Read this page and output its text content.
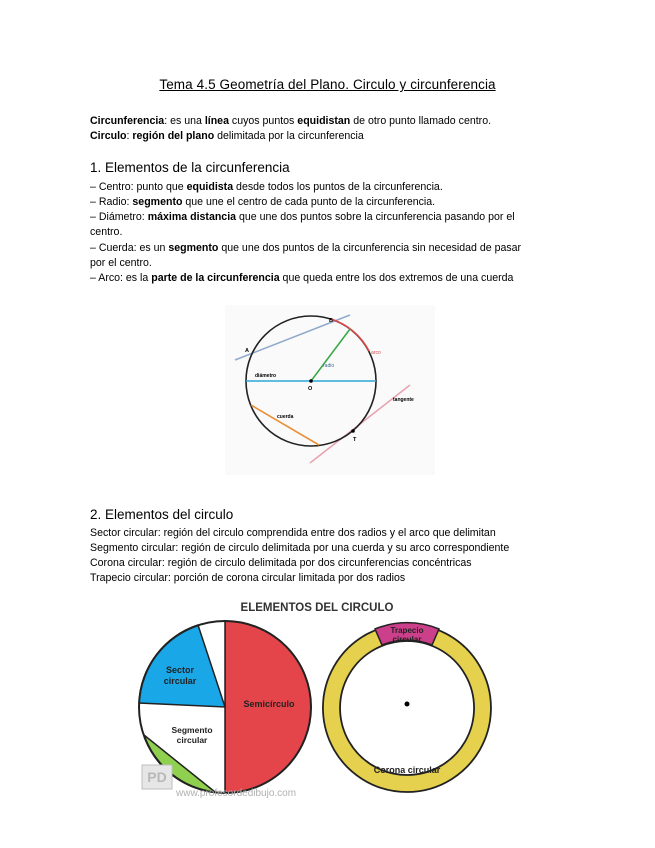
Tema 4.5 Geometría del Plano. Circulo y circunferencia
Circunferencia: es una línea cuyos puntos equidistan de otro punto llamado centro.
Circulo: región del plano delimitada por la circunferencia
1. Elementos de la circunferencia
– Centro: punto que equidista desde todos los puntos de la circunferencia.
– Radio: segmento que une el centro de cada punto de la circunferencia.
– Diámetro: máxima distancia que une dos puntos sobre la circunferencia pasando por el
centro.
– Cuerda: es un segmento que une dos puntos de la circunferencia sin necesidad de pasar
por el centro.
– Arco: es la parte de la circunferencia que queda entre los dos extremos de una cuerda
A
B
O
T
radio
arco
diámetro
cuerda
tangente
2. Elementos del circulo
Sector circular: región del circulo comprendida entre dos radios y el arco que delimitan
Segmento circular: región de circulo delimitada por una cuerda y su arco correspondiente
Corona circular: región de circulo delimitada por dos circunferencias concéntricas
Trapecio circular: porción de corona circular limitada por dos radios
ELEMENTOS DEL CIRCULO
Sector
circular
Segmento
circular
Semicírculo
Trapecio
circular
Corona circular
PD
www.profesordedibujo.com
